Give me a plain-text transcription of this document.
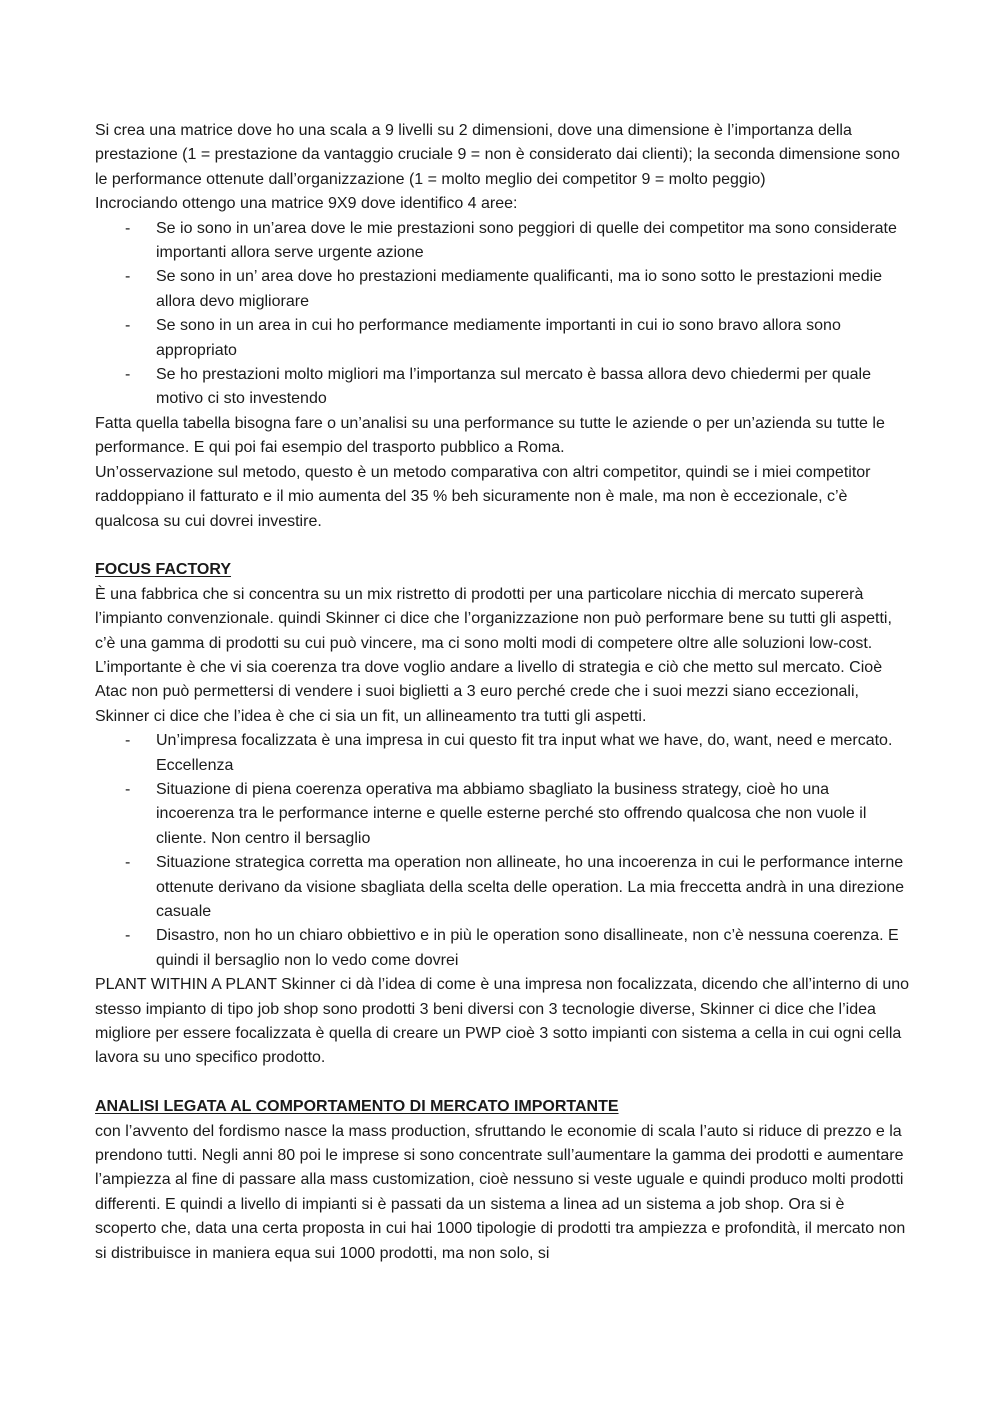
Si crea una matrice dove ho una scala a 9 livelli su 2 dimensioni, dove una dimensione è l’importanza della prestazione (1 = prestazione da vantaggio cruciale 9 = non è considerato dai clienti); la seconda dimensione sono le performance ottenute dall’organizzazione (1 = molto meglio dei competitor 9 = molto peggio)

Incrociando ottengo una matrice 9X9 dove identifico 4 aree:

- Se io sono in un’area dove le mie prestazioni sono peggiori di quelle dei competitor ma sono considerate importanti allora serve urgente azione
- Se sono in un’ area dove ho prestazioni mediamente qualificanti, ma io sono sotto le prestazioni medie allora devo migliorare
- Se sono in un area in cui ho performance mediamente importanti in cui io sono bravo allora sono appropriato
- Se ho prestazioni molto migliori ma l’importanza sul mercato è bassa allora devo chiedermi per quale motivo ci sto investendo

Fatta quella tabella bisogna fare o un’analisi su una performance su tutte le aziende o per un’azienda su tutte le performance. E qui poi fai esempio del trasporto pubblico a Roma.

Un’osservazione sul metodo, questo è un metodo comparativa con altri competitor, quindi se i miei competitor raddoppiano il fatturato e il mio aumenta del 35 % beh sicuramente non è male, ma non è eccezionale, c’è qualcosa su cui dovrei investire.

FOCUS FACTORY

È una fabbrica che si concentra su un mix ristretto di prodotti per una particolare nicchia di mercato supererà l’impianto convenzionale. quindi Skinner ci dice che l’organizzazione non può performare bene su tutti gli aspetti, c’è una gamma di prodotti su cui può vincere, ma ci sono molti modi di competere oltre alle soluzioni low-cost.

L’importante è che vi sia coerenza tra dove voglio andare a livello di strategia e ciò che metto sul mercato. Cioè Atac non può permettersi di vendere i suoi biglietti a 3 euro perché crede che i suoi mezzi siano eccezionali,

Skinner ci dice che l’idea è che ci sia un fit, un allineamento tra tutti gli aspetti.

- Un’impresa focalizzata è una impresa in cui questo fit tra input what we have, do, want, need e mercato. Eccellenza
- Situazione di piena coerenza operativa ma abbiamo sbagliato la business strategy, cioè ho una incoerenza tra le performance interne e quelle esterne perché sto offrendo qualcosa che non vuole il cliente. Non centro il bersaglio
- Situazione strategica corretta ma operation non allineate, ho una incoerenza in cui le performance interne ottenute derivano da visione sbagliata della scelta delle operation. La mia freccetta andrà in una direzione casuale
- Disastro, non ho un chiaro obbiettivo e in più le operation sono disallineate, non c’è nessuna coerenza. E quindi il bersaglio non lo vedo come dovrei

PLANT WITHIN A PLANT Skinner ci dà l’idea di come è una impresa non focalizzata, dicendo che all’interno di uno stesso impianto di tipo job shop sono prodotti 3 beni diversi con 3 tecnologie diverse, Skinner ci dice che l’idea migliore per essere focalizzata è quella di creare un PWP cioè 3 sotto impianti con sistema a cella in cui ogni cella lavora su uno specifico prodotto.

ANALISI LEGATA AL COMPORTAMENTO DI MERCATO IMPORTANTE

con l’avvento del fordismo nasce la mass production, sfruttando le economie di scala l’auto si riduce di prezzo e la prendono tutti. Negli anni 80 poi le imprese si sono concentrate sull’aumentare la gamma dei prodotti e aumentare l’ampiezza al fine di passare alla mass customization, cioè nessuno si veste uguale e quindi produco molti prodotti differenti. E quindi a livello di impianti si è passati da un sistema a linea ad un sistema a job shop. Ora si è scoperto che, data una certa proposta in cui hai 1000 tipologie di prodotti tra ampiezza e profondità, il mercato non si distribuisce in maniera equa sui 1000 prodotti, ma non solo, si
